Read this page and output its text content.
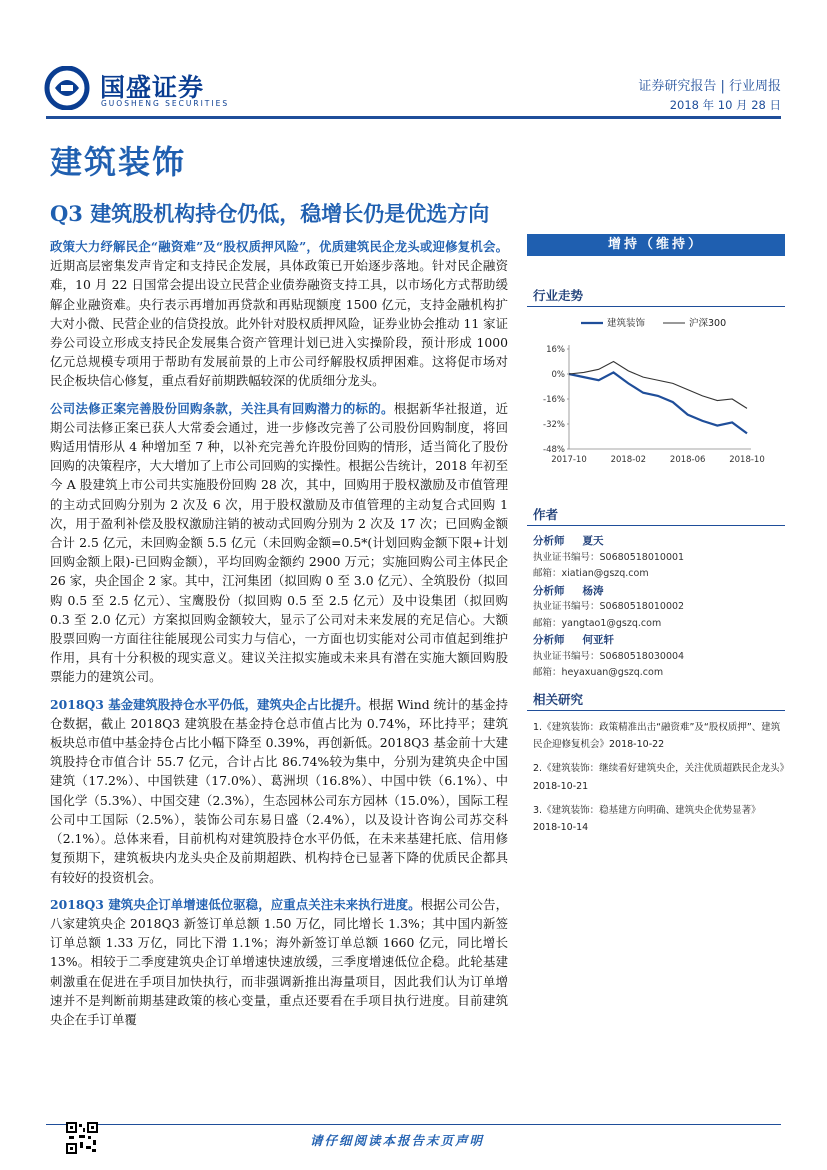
国盛证券
GUOSHENG SECURITIES
证券研究报告 | 行业周报
2018 年 10 月 28 日
建筑装饰
Q3 建筑股机构持仓仍低，稳增长仍是优选方向

政策大力纾解民企“融资难”及“股权质押风险”，优质建筑民企龙头或迎修复机会。近期高层密集发声肯定和支持民企发展，具体政策已开始逐步落地。针对民企融资难，10 月 22 日国常会提出设立民营企业债券融资支持工具，以市场化方式帮助缓解企业融资难。央行表示再增加再贷款和再贴现额度 1500 亿元，支持金融机构扩大对小微、民营企业的信贷投放。此外针对股权质押风险，证券业协会推动 11 家证券公司设立形成支持民企发展集合资产管理计划已进入实操阶段，预计形成 1000 亿元总规模专项用于帮助有发展前景的上市公司纾解股权质押困难。这将促市场对民企板块信心修复，重点看好前期跌幅较深的优质细分龙头。

公司法修正案完善股份回购条款，关注具有回购潜力的标的。根据新华社报道，近期公司法修正案已获人大常委会通过，进一步修改完善了公司股份回购制度，将回购适用情形从 4 种增加至 7 种，以补充完善允许股份回购的情形，适当简化了股份回购的决策程序，大大增加了上市公司回购的实操性。根据公告统计，2018 年初至今 A 股建筑上市公司共实施股份回购 28 次，其中，回购用于股权激励及市值管理的主动式回购分别为 2 次及 6 次，用于股权激励及市值管理的主动复合式回购 1 次，用于盈利补偿及股权激励注销的被动式回购分别为 2 次及 17 次；已回购金额合计 2.5 亿元，未回购金额 5.5 亿元（未回购金额=0.5*(计划回购金额下限+计划回购金额上限)-已回购金额），平均回购金额约 2900 万元；实施回购公司主体民企 26 家，央企国企 2 家。其中，江河集团（拟回购 0 至 3.0 亿元）、全筑股份（拟回购 0.5 至 2.5 亿元）、宝鹰股份（拟回购 0.5 至 2.5 亿元）及中设集团（拟回购 0.3 至 2.0 亿元）方案拟回购金额较大，显示了公司对未来发展的充足信心。大额股票回购一方面往往能展现公司实力与信心，一方面也切实能对公司市值起到维护作用，具有十分积极的现实意义。建议关注拟实施或未来具有潜在实施大额回购股票能力的建筑公司。

2018Q3 基金建筑股持仓水平仍低，建筑央企占比提升。根据 Wind 统计的基金持仓数据，截止 2018Q3 建筑股在基金持仓总市值占比为 0.74%，环比持平；建筑板块总市值中基金持仓占比小幅下降至 0.39%，再创新低。2018Q3 基金前十大建筑股持仓市值合计 55.7 亿元，合计占比 86.74%较为集中，分别为建筑央企中国建筑（17.2%）、中国铁建（17.0%）、葛洲坝（16.8%）、中国中铁（6.1%）、中国化学（5.3%）、中国交建（2.3%），生态园林公司东方园林（15.0%），国际工程公司中工国际（2.5%），装饰公司东易日盛（2.4%），以及设计咨询公司苏交科（2.1%）。总体来看，目前机构对建筑股持仓水平仍低，在未来基建托底、信用修复预期下，建筑板块内龙头央企及前期超跌、机构持仓已显著下降的优质民企都具有较好的投资机会。

2018Q3 建筑央企订单增速低位驱稳，应重点关注未来执行进度。根据公司公告，八家建筑央企 2018Q3 新签订单总额 1.50 万亿，同比增长 1.3%；其中国内新签订单总额 1.33 万亿，同比下滑 1.1%；海外新签订单总额 1660 亿元，同比增长 13%。相较于二季度建筑央企订单增速快速放缓，三季度增速低位企稳。此轮基建刺激重在促进在手项目加快执行，而非强调新推出海量项目，因此我们认为订单增速并不是判断前期基建政策的核心变量，重点还要看在手项目执行进度。目前建筑央企在手订单覆

增持（维持）
行业走势
16%
0%
-16%
-32%
-48%
2017-10	2018-02	2018-06	2018-10
建筑装饰	沪深300
作者
分析师 夏天
执业证书编号：S0680518010001
邮箱：xiatian@gszq.com
分析师 杨涛
执业证书编号：S0680518010002
邮箱：yangtao1@gszq.com
分析师 何亚轩
执业证书编号：S0680518030004
邮箱：heyaxuan@gszq.com
相关研究
1.《建筑装饰：政策精准出击“融资难”及“股权质押”、建筑民企迎修复机会》2018-10-22
2.《建筑装饰：继续看好建筑央企，关注优质超跌民企龙头》2018-10-21
3.《建筑装饰：稳基建方向明确、建筑央企优势显著》2018-10-14
请仔细阅读本报告末页声明
